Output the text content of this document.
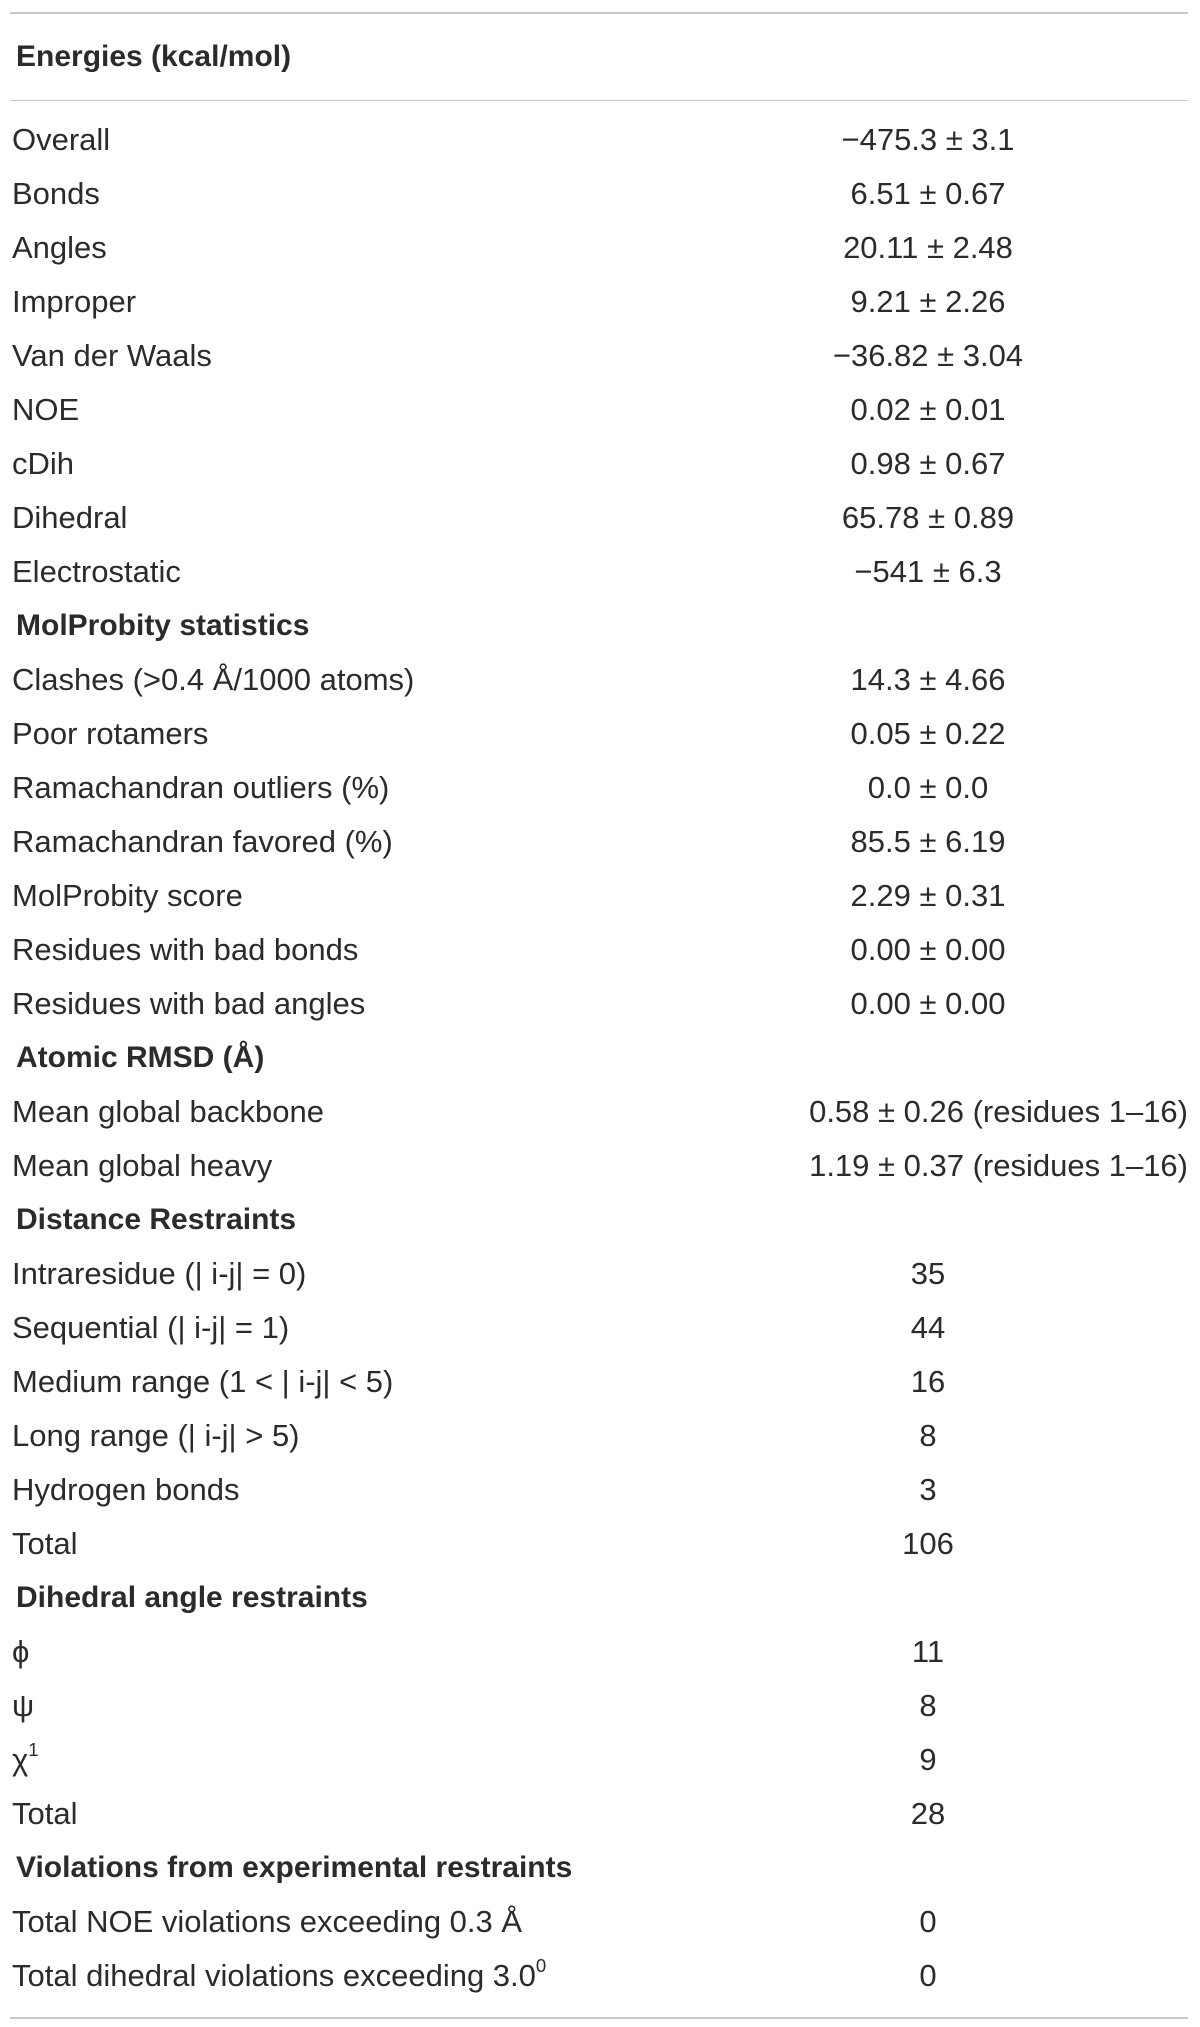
Energies (kcal/mol)
Overall	−475.3 ± 3.1
Bonds	6.51 ± 0.67
Angles	20.11 ± 2.48
Improper	9.21 ± 2.26
Van der Waals	−36.82 ± 3.04
NOE	0.02 ± 0.01
cDih	0.98 ± 0.67
Dihedral	65.78 ± 0.89
Electrostatic	−541 ± 6.3
MolProbity statistics
Clashes (>0.4 Å/1000 atoms)	14.3 ± 4.66
Poor rotamers	0.05 ± 0.22
Ramachandran outliers (%)	0.0 ± 0.0
Ramachandran favored (%)	85.5 ± 6.19
MolProbity score	2.29 ± 0.31
Residues with bad bonds	0.00 ± 0.00
Residues with bad angles	0.00 ± 0.00
Atomic RMSD (Å)
Mean global backbone	0.58 ± 0.26 (residues 1–16)
Mean global heavy	1.19 ± 0.37 (residues 1–16)
Distance Restraints
Intraresidue (| i-j| = 0)	35
Sequential (| i-j| = 1)	44
Medium range (1 < | i-j| < 5)	16
Long range (| i-j| > 5)	8
Hydrogen bonds	3
Total	106
Dihedral angle restraints
ϕ	11
ψ	8
$\chi^1$	9
Total	28
Violations from experimental restraints
Total NOE violations exceeding 0.3 Å	0
Total dihedral violations exceeding $3.0^0$	0
